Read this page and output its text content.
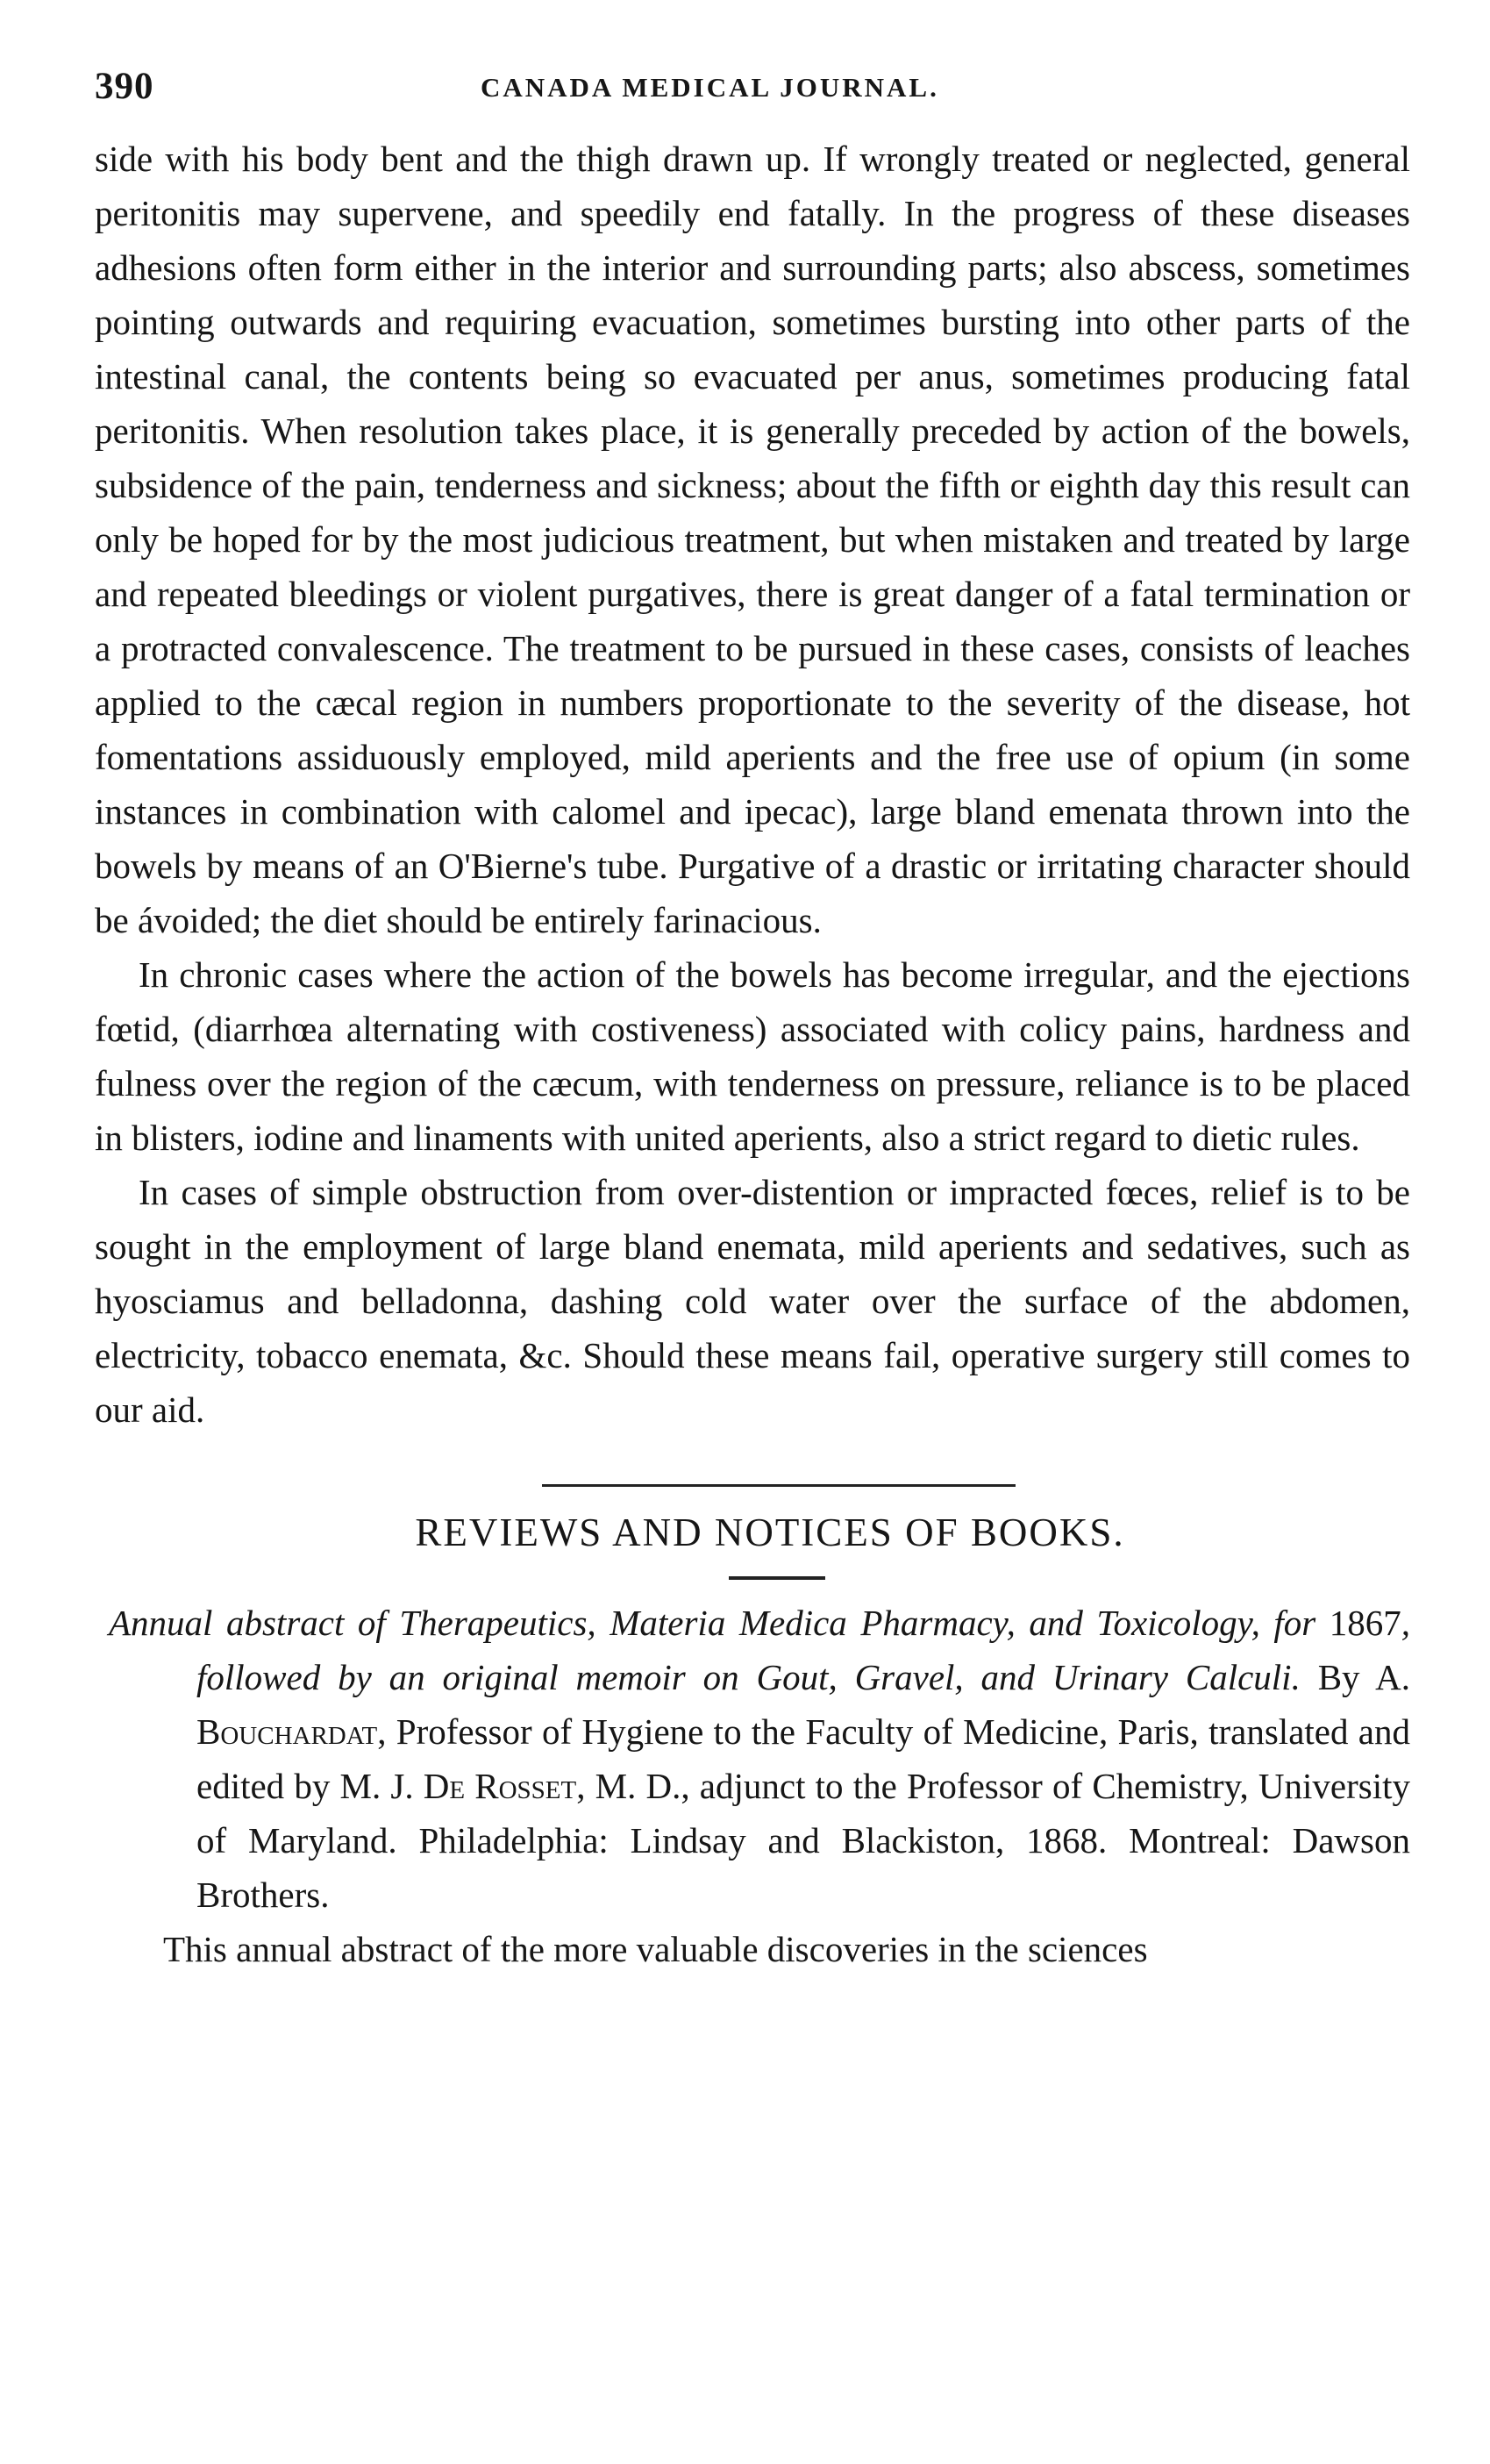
390	CANADA MEDICAL JOURNAL.

side with his body bent and the thigh drawn up. If wrongly treated or neglected, general peritonitis may supervene, and speedily end fatally. In the progress of these diseases adhesions often form either in the interior and surrounding parts; also abscess, sometimes pointing outwards and requiring evacuation, sometimes bursting into other parts of the intestinal canal, the contents being so evacuated per anus, sometimes producing fatal peritonitis. When resolution takes place, it is generally preceded by action of the bowels, subsidence of the pain, tenderness and sickness; about the fifth or eighth day this result can only be hoped for by the most judicious treatment, but when mistaken and treated by large and repeated bleedings or violent purgatives, there is great danger of a fatal termination or a protracted convalescence. The treatment to be pursued in these cases, consists of leaches applied to the cæcal region in numbers proportionate to the severity of the disease, hot fomentations assiduously employed, mild aperients and the free use of opium (in some instances in combination with calomel and ipecac), large bland emenata thrown into the bowels by means of an O'Bierne's tube. Purgative of a drastic or irritating character should be ávoided; the diet should be entirely farinacious.

In chronic cases where the action of the bowels has become irregular, and the ejections fœtid, (diarrhœa alternating with costiveness) associated with colicy pains, hardness and fulness over the region of the cæcum, with tenderness on pressure, reliance is to be placed in blisters, iodine and linaments with united aperients, also a strict regard to dietic rules.

In cases of simple obstruction from over-distention or impracted fœces, relief is to be sought in the employment of large bland enemata, mild aperients and sedatives, such as hyosciamus and belladonna, dashing cold water over the surface of the abdomen, electricity, tobacco enemata, &c. Should these means fail, operative surgery still comes to our aid.

REVIEWS AND NOTICES OF BOOKS.

Annual abstract of Therapeutics, Materia Medica Pharmacy, and Toxicology, for 1867, followed by an original memoir on Gout, Gravel, and Urinary Calculi. By A. Bouchardat, Professor of Hygiene to the Faculty of Medicine, Paris, translated and edited by M. J. De Rosset, M. D., adjunct to the Professor of Chemistry, University of Maryland. Philadelphia: Lindsay and Blackiston, 1868. Montreal: Dawson Brothers.

This annual abstract of the more valuable discoveries in the sciences
